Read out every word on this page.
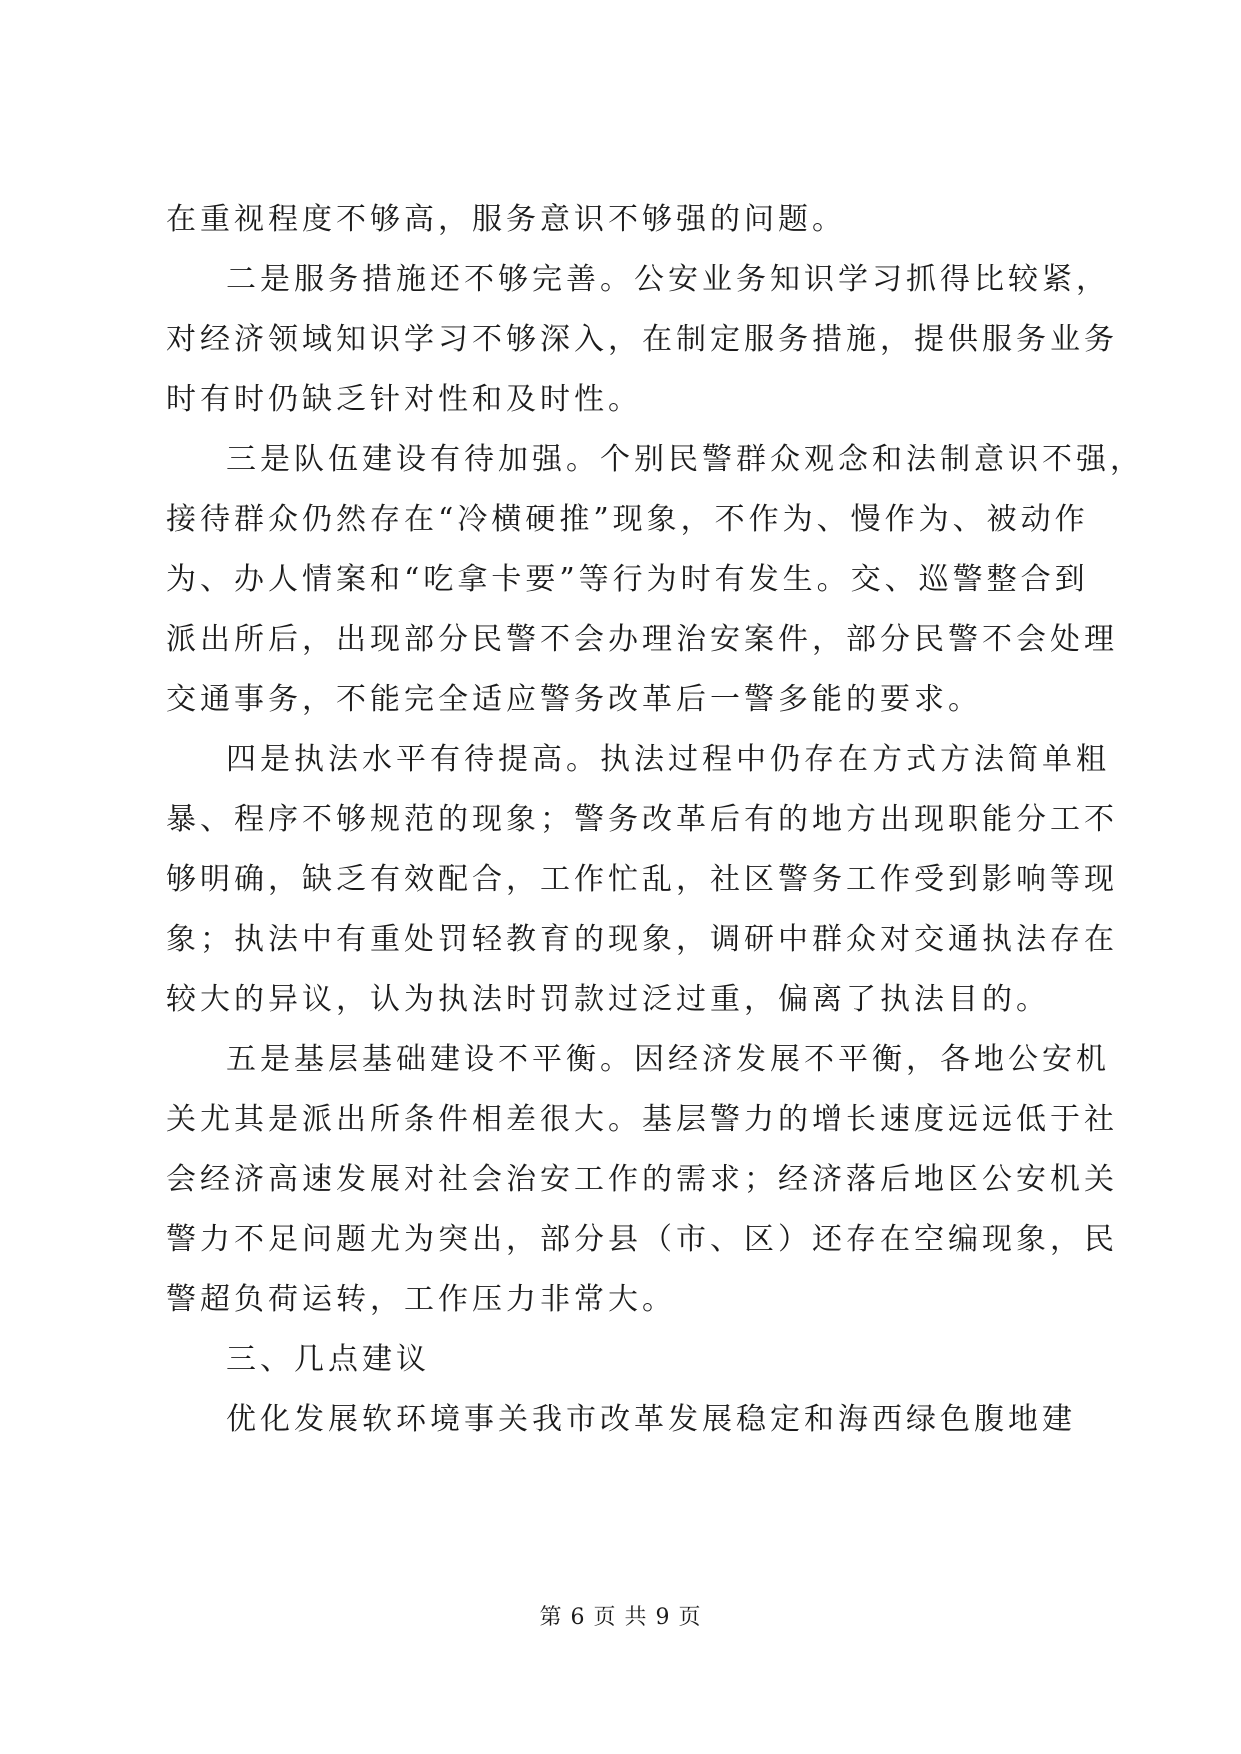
在重视程度不够高，服务意识不够强的问题。
二是服务措施还不够完善。公安业务知识学习抓得比较紧，
对经济领域知识学习不够深入，在制定服务措施，提供服务业务
时有时仍缺乏针对性和及时性。
三是队伍建设有待加强。个别民警群众观念和法制意识不强，
接待群众仍然存在“冷横硬推”现象，不作为、慢作为、被动作
为、办人情案和“吃拿卡要”等行为时有发生。交、巡警整合到
派出所后，出现部分民警不会办理治安案件，部分民警不会处理
交通事务，不能完全适应警务改革后一警多能的要求。
四是执法水平有待提高。执法过程中仍存在方式方法简单粗
暴、程序不够规范的现象；警务改革后有的地方出现职能分工不
够明确，缺乏有效配合，工作忙乱，社区警务工作受到影响等现
象；执法中有重处罚轻教育的现象，调研中群众对交通执法存在
较大的异议，认为执法时罚款过泛过重，偏离了执法目的。
五是基层基础建设不平衡。因经济发展不平衡，各地公安机
关尤其是派出所条件相差很大。基层警力的增长速度远远低于社
会经济高速发展对社会治安工作的需求；经济落后地区公安机关
警力不足问题尤为突出，部分县（市、区）还存在空编现象，民
警超负荷运转，工作压力非常大。
三、几点建议
优化发展软环境事关我市改革发展稳定和海西绿色腹地建
第 6 页 共 9 页
